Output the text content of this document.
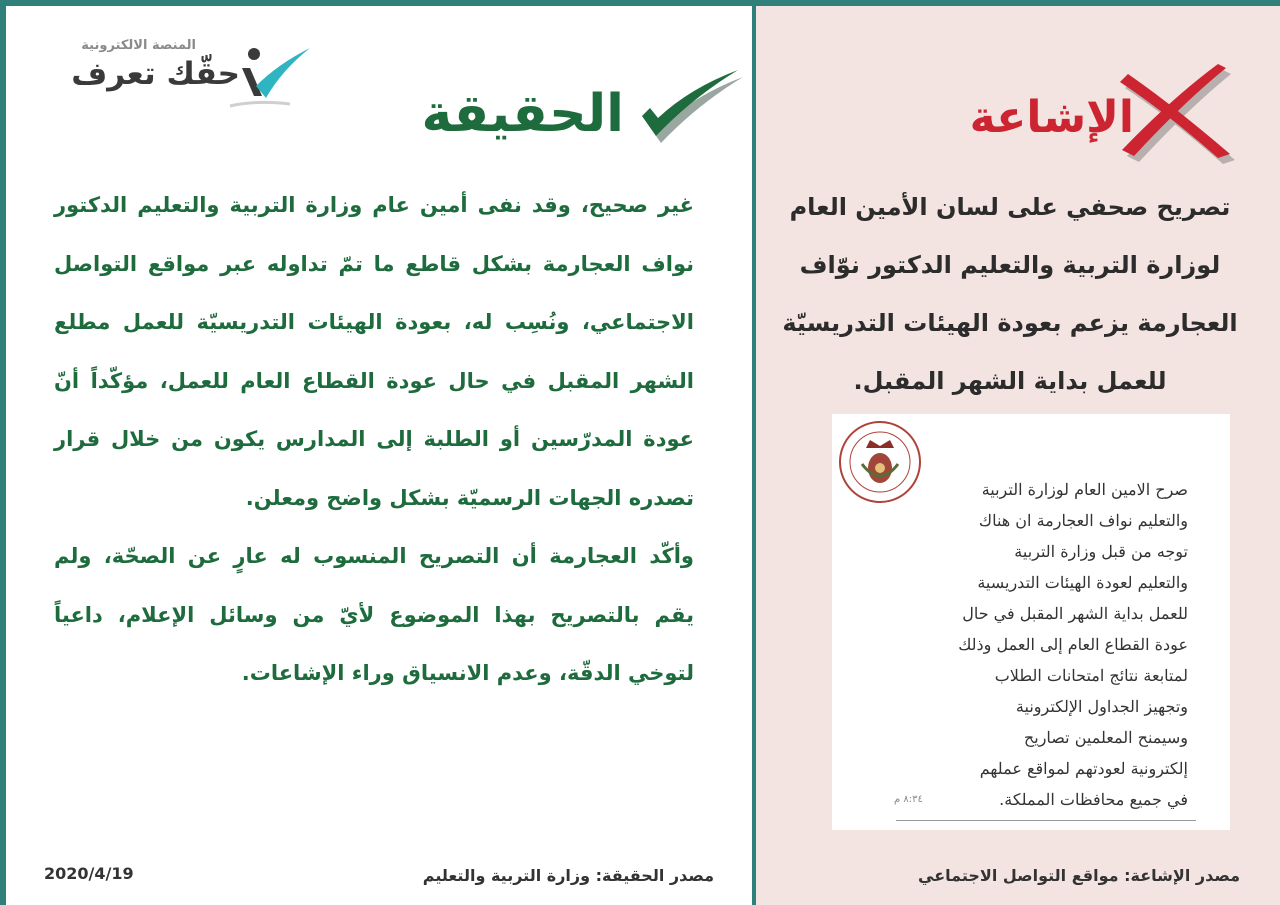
المنصة الالكترونية
حقّك تعرف
الحقيقة

غير صحيح، وقد نفى أمين عام وزارة التربية والتعليم الدكتور نواف العجارمة بشكل قاطع ما تمّ تداوله عبر مواقع التواصل الاجتماعي، ونُسِب له، بعودة الهيئات التدريسيّة للعمل مطلع الشهر المقبل في حال عودة القطاع العام للعمل، مؤكّداً أنّ عودة المدرّسين أو الطلبة إلى المدارس يكون من خلال قرار تصدره الجهات الرسميّة بشكل واضح ومعلن.

وأكّد العجارمة أن التصريح المنسوب له عارٍ عن الصحّة، ولم يقم بالتصريح بهذا الموضوع لأيّ من وسائل الإعلام، داعياً لتوخي الدقّة، وعدم الانسياق وراء الإشاعات.

2020/4/19	مصدر الحقيقة: وزارة التربية والتعليم
الإشاعة
تصريح صحفي على لسان الأمين العام لوزارة التربية والتعليم الدكتور نوّاف العجارمة يزعم بعودة الهيئات التدريسيّة للعمل بداية الشهر المقبل.
صرح الامين العام لوزارة التربية
والتعليم نواف العجارمة ان هناك
توجه من قبل وزارة التربية
والتعليم لعودة الهيئات التدريسية
للعمل بداية الشهر المقبل في حال
عودة القطاع العام إلى العمل وذلك
لمتابعة نتائج امتحانات الطلاب
وتجهيز الجداول الإلكترونية
وسيمنح المعلمين تصاريح
إلكترونية لعودتهم لمواقع عملهم
في جميع محافظات المملكة.
٨:٣٤ م
مصدر الإشاعة: مواقع التواصل الاجتماعي
